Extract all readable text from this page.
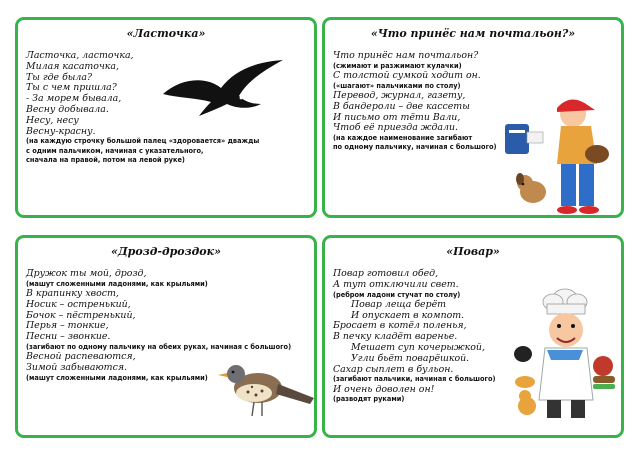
«Ласточка»
Ласточка, ласточка,
Милая касаточка,
Ты где была?
Ты с чем пришла?
- За морем бывала,
Весну добывала.
Несу, несу
Весну-красну.
(на каждую строчку большой палец «здоровается» дважды
с одним пальчиком, начиная с указательного,
сначала на правой, потом на левой руке)
«Что принёс нам почтальон?»
Что принёс нам почтальон?
(сжимают и разжимают кулачки)
С толстой сумкой ходит он.
(«шагают» пальчиками по столу)
Перевод, журнал, газету,
В бандероли – две кассеты
И письмо от тёти Вали,
Чтоб её приезда ждали.
(на каждое наименование загибают
по одному пальчику, начиная с большого)
«Дрозд-дроздок»
Дружок ты мой, дрозд,
(машут сложенными ладонями, как крыльями)
В крапинку хвост,
Носик – остренький,
Бочок – пёстренький,
Перья – тонкие,
Песни – звонкие.
(загибают по одному пальчику на обеих руках, начиная с большого)
Весной распеваются,
Зимой забываются.
(машут сложенными ладонями, как крыльями)
«Повар»
Повар готовил обед,
А тут отключили свет.
(ребром ладони стучат по столу)
Повар леща берёт
И опускает в компот.
Бросает в котёл поленья,
В печку кладёт варенье.
Мешает суп кочерыжкой,
Угли бьёт поварёшкой.
Сахар сыплет в бульон.
(загибают пальчики, начиная с большого)
И очень доволен он!
(разводят руками)
